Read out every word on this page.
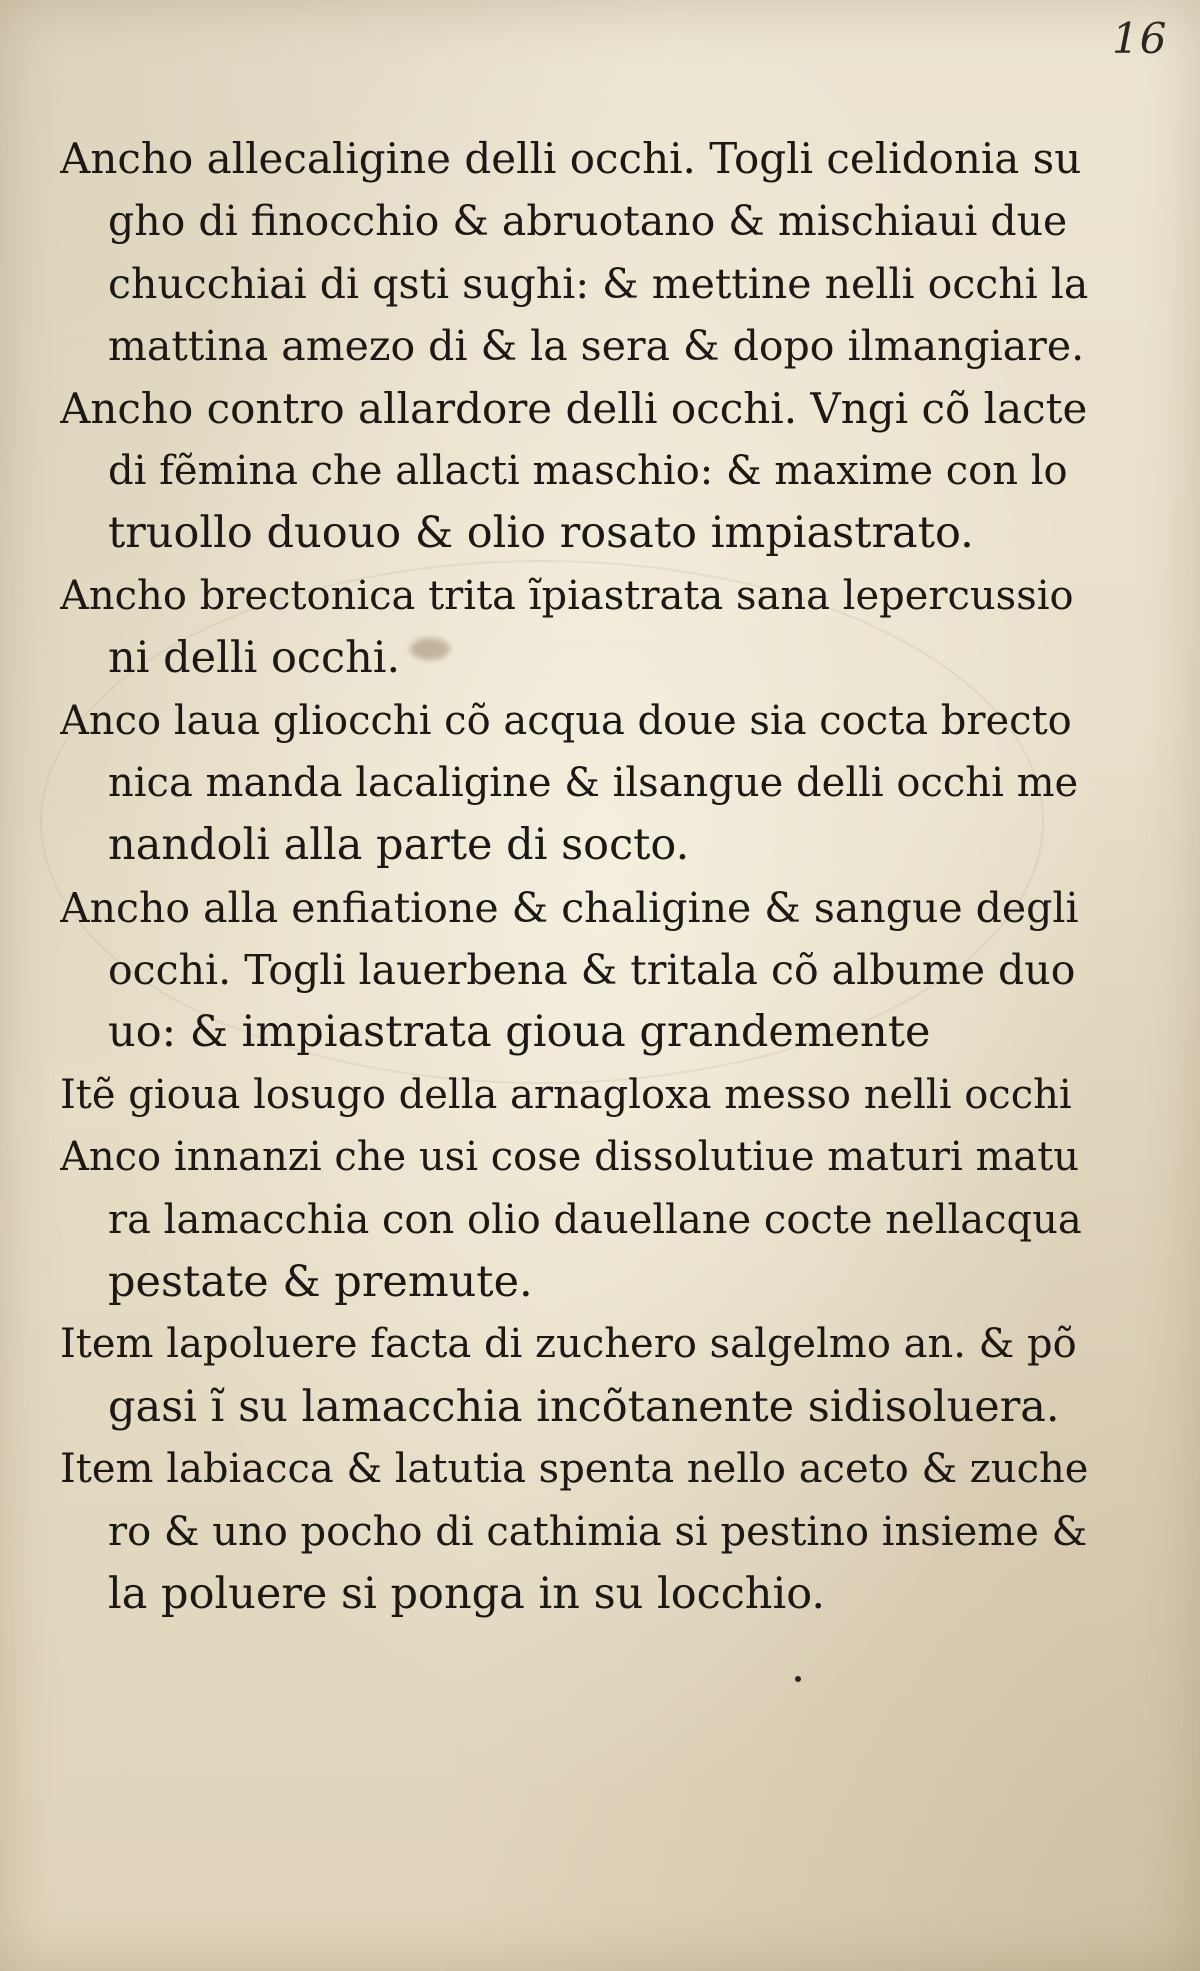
16
Ancho allecaligine delli occhi. Togli celidonia su
gho di finocchio & abruotano & mischiaui due
chucchiai di qsti sughi: & mettine nelli occhi la
mattina amezo di & la sera & dopo ilmangiare.
Ancho contro allardore delli occhi. Vngi cõ lacte
di fẽmina che allacti maschio: & maxime con lo
truollo duouo & olio rosato impiastrato.
Ancho brectonica trita ĩpiastrata sana lepercussio
ni delli occhi.
Anco laua gliocchi cõ acqua doue sia cocta brecto
nica manda lacaligine & ilsangue delli occhi me
nandoli alla parte di socto.
Ancho alla enfiatione & chaligine & sangue degli
occhi. Togli lauerbena & tritala cõ albume duo
uo: & impiastrata gioua grandemente
Itẽ gioua losugo della arnagloxa messo nelli occhi
Anco innanzi che usi cose dissolutiue maturi matu
ra lamacchia con olio dauellane cocte nellacqua
pestate & premute.
Item lapoluere facta di zuchero salgelmo an. & põ
gasi ĩ su lamacchia incõtanente sidisoluera.
Item labiacca & latutia spenta nello aceto & zuche
ro & uno pocho di cathimia si pestino insieme &
la poluere si ponga in su locchio.
